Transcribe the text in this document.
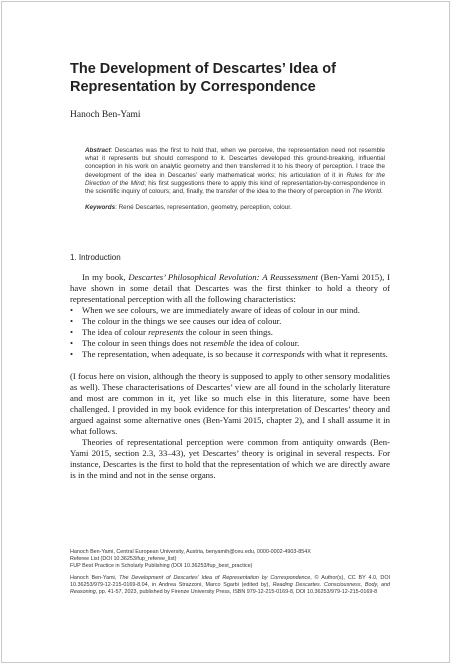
The Development of Descartes’ Idea of Representation by Correspondence
Hanoch Ben-Yami
Abstract: Descartes was the first to hold that, when we perceive, the representation need not resemble what it represents but should correspond to it. Descartes developed this ground-breaking, influential conception in his work on analytic geometry and then transferred it to his theory of perception. I trace the development of the idea in Descartes’ early mathematical works; his articulation of it in Rules for the Direction of the Mind; his first suggestions there to apply this kind of representation-by-correspondence in the scientific inquiry of colours; and, finally, the transfer of the idea to the theory of perception in The World.
Keywords: René Descartes, representation, geometry, perception, colour.
1. Introduction
In my book, Descartes’ Philosophical Revolution: A Reassessment (Ben-Yami 2015), I have shown in some detail that Descartes was the first thinker to hold a theory of representational perception with all the following characteristics:
• When we see colours, we are immediately aware of ideas of colour in our mind.
• The colour in the things we see causes our idea of colour.
• The idea of colour represents the colour in seen things.
• The colour in seen things does not resemble the idea of colour.
• The representation, when adequate, is so because it corresponds with what it represents.
(I focus here on vision, although the theory is supposed to apply to other sensory modalities as well). These characterisations of Descartes’ view are all found in the scholarly literature and most are common in it, yet like so much else in this literature, some have been challenged. I provided in my book evidence for this interpretation of Descartes’ theory and argued against some alternative ones (Ben-Yami 2015, chapter 2), and I shall assume it in what follows.
Theories of representational perception were common from antiquity onwards (Ben-Yami 2015, section 2.3, 33–43), yet Descartes’ theory is original in several respects. For instance, Descartes is the first to hold that the representation of which we are directly aware is in the mind and not in the sense organs.
Hanoch Ben-Yami, Central European University, Austria, benyamih@ceu.edu, 0000-0002-4903-854X
Referee List (DOI 10.36253/fup_referee_list)
FUP Best Practice in Scholarly Publishing (DOI 10.36253/fup_best_practice)
Hanoch Ben-Yami, The Development of Descartes’ Idea of Representation by Correspondence, © Author(s), CC BY 4.0, DOI 10.36253/979-12-215-0169-8.04, in Andrea Strazzoni, Marco Sgarbi (edited by), Reading Descartes. Consciousness, Body, and Reasoning, pp. 41-57, 2023, published by Firenze University Press, ISBN 979-12-215-0169-8, DOI 10.36253/979-12-215-0169-8
